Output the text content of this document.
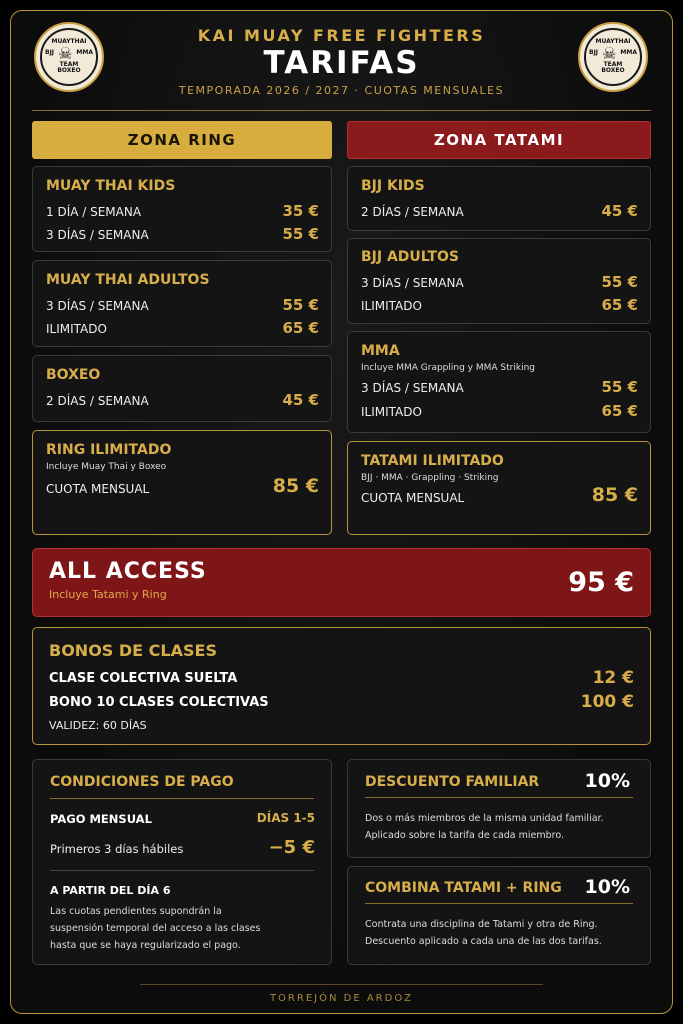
MUAYTHAI
BJJ ☠ MMA
TEAM
BOXEO
MUAYTHAI
BJJ ☠ MMA
TEAM
BOXEO
KAI MUAY FREE FIGHTERS
TARIFAS
TEMPORADA 2026 / 2027 · CUOTAS MENSUALES
ZONA RING	ZONA TATAMI
MUAY THAI KIDS
1 DÍA / SEMANA	35 €
3 DÍAS / SEMANA	55 €
MUAY THAI ADULTOS
3 DÍAS / SEMANA	55 €
ILIMITADO	65 €
BOXEO
2 DÍAS / SEMANA	45 €
RING ILIMITADO
Incluye Muay Thai y Boxeo
CUOTA MENSUAL	85 €
BJJ KIDS
2 DÍAS / SEMANA	45 €
BJJ ADULTOS
3 DÍAS / SEMANA	55 €
ILIMITADO	65 €
MMA
Incluye MMA Grappling y MMA Striking
3 DÍAS / SEMANA	55 €
ILIMITADO	65 €
TATAMI ILIMITADO
BJJ · MMA · Grappling · Striking
CUOTA MENSUAL	85 €
ALL ACCESS
Incluye Tatami y Ring	95 €
BONOS DE CLASES
CLASE COLECTIVA SUELTA	12 €
BONO 10 CLASES COLECTIVAS	100 €
VALIDEZ: 60 DÍAS
CONDICIONES DE PAGO
PAGO MENSUAL	DÍAS 1-5
Primeros 3 días hábiles	−5 €
A PARTIR DEL DÍA 6
Las cuotas pendientes supondrán la
suspensión temporal del acceso a las clases
hasta que se haya regularizado el pago.
DESCUENTO FAMILIAR 10%
Dos o más miembros de la misma unidad familiar.
Aplicado sobre la tarifa de cada miembro.
COMBINA TATAMI + RING 10%
Contrata una disciplina de Tatami y otra de Ring.
Descuento aplicado a cada una de las dos tarifas.
TORREJÓN DE ARDOZ
